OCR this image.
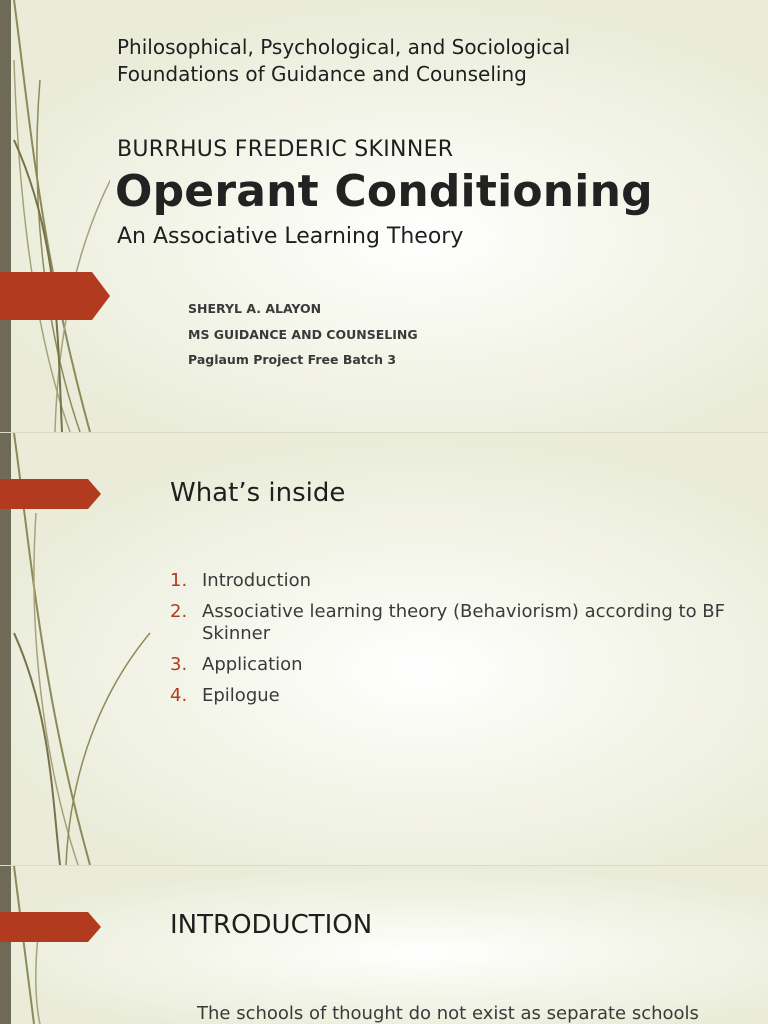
Philosophical, Psychological, and Sociological
Foundations of Guidance and Counseling
BURRHUS FREDERIC SKINNER
Operant Conditioning
An Associative Learning Theory
SHERYL A. ALAYON
MS GUIDANCE AND COUNSELING
Paglaum Project Free Batch 3
What’s inside
1. Introduction
2. Associative learning theory (Behaviorism) according to BF Skinner
3. Application
4. Epilogue
INTRODUCTION
The schools of thought do not exist as separate schools
